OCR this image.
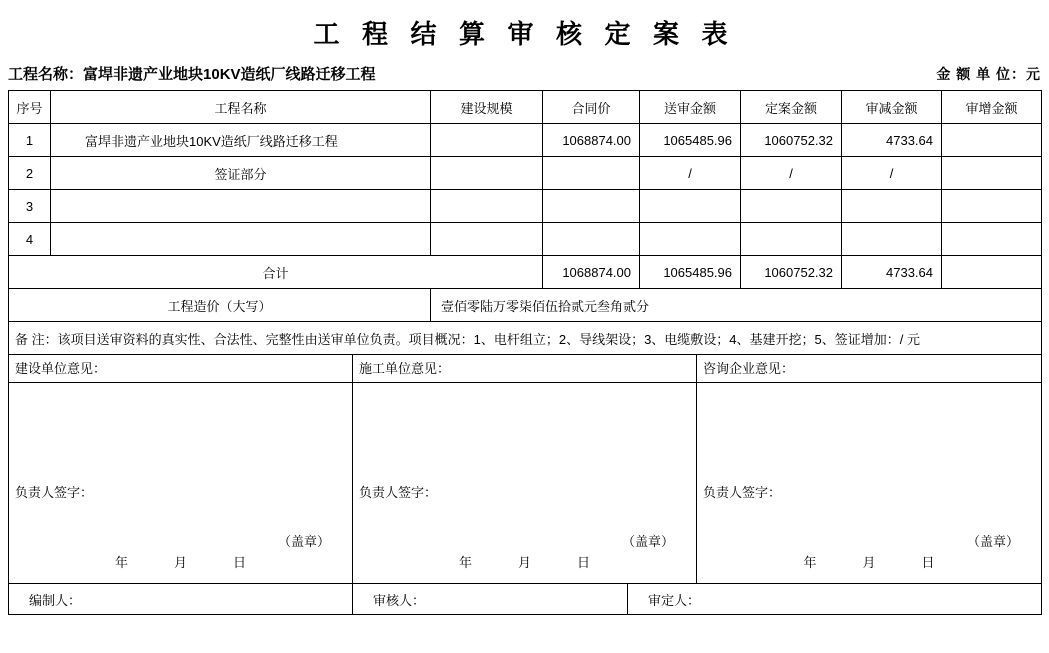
工 程 结 算 审 核 定 案 表
工程名称：富垾非遗产业地块10KV造纸厂线路迁移工程	金 额 单 位：元
序号	工程名称	建设规模	合同价	送审金额	定案金额	审减金额	审增金额
1	富垾非遗产业地块10KV造纸厂线路迁移工程		1068874.00	1065485.96	1060752.32	4733.64	
2	签证部分			/	/	/	
3							
4							
合计			1068874.00	1065485.96	1060752.32	4733.64	
工程造价（大写）		壹佰零陆万零柒佰伍拾贰元叁角贰分					
备 注：该项目送审资料的真实性、合法性、完整性由送审单位负责。项目概况：1、电杆组立；2、导线架设；3、电缆敷设；4、基建开挖；5、签证增加：/ 元
建设单位意见：	施工单位意见：	咨询企业意见：

负责人签字：	负责人签字：	负责人签字：
（盖章）	（盖章）	（盖章）
年 月 日	年 月 日	年 月 日
编制人：	审核人：	审定人：
